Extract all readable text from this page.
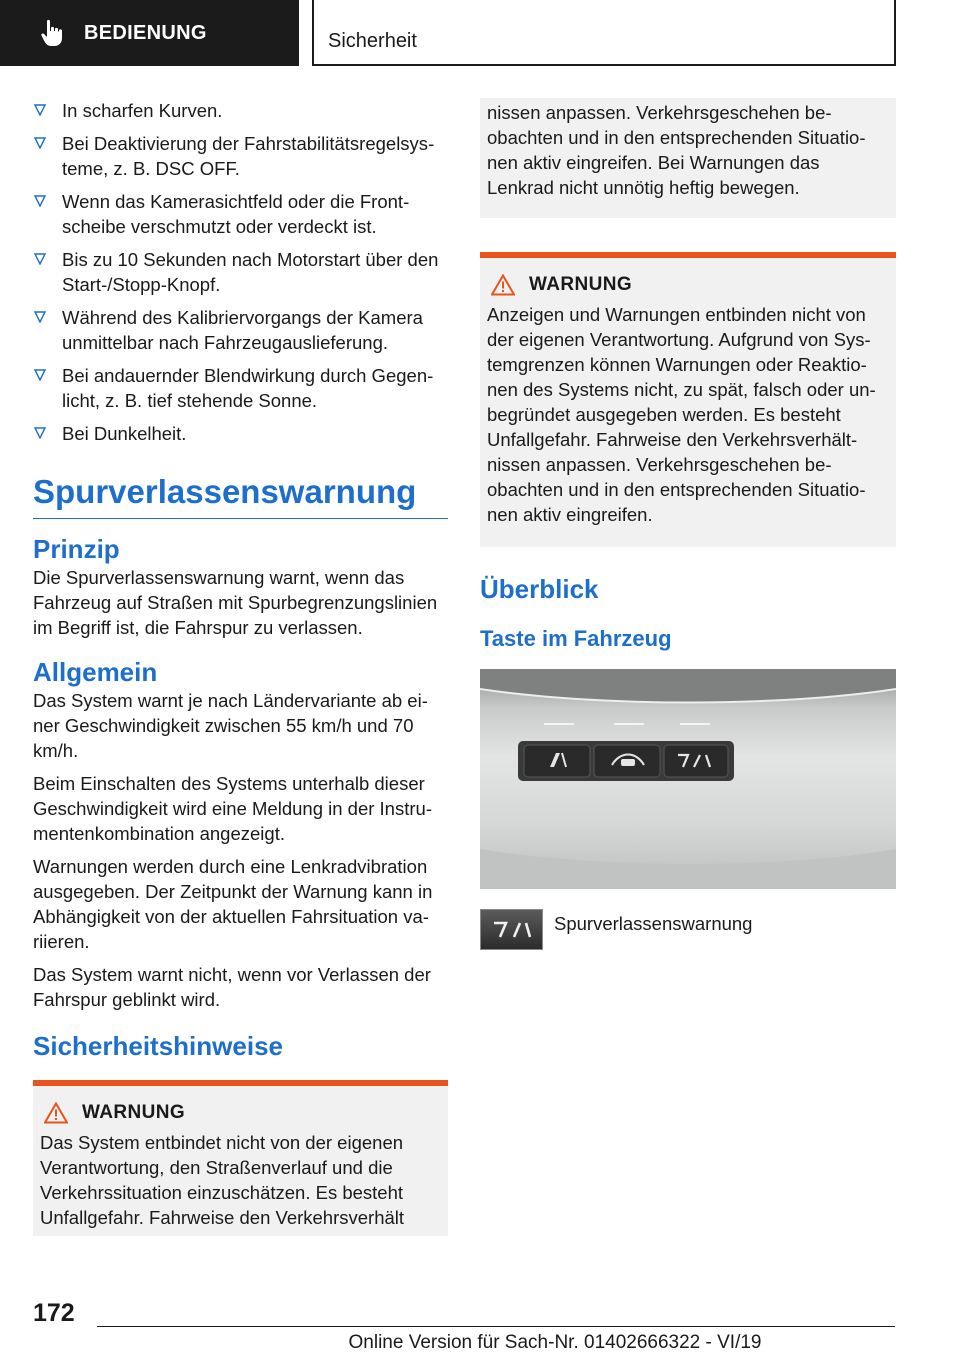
BEDIENUNG	Sicherheit
In scharfen Kurven.
Bei Deaktivierung der Fahrstabilitätsregelsysteme, z. B. DSC OFF.
Wenn das Kamerasichtfeld oder die Frontscheibe verschmutzt oder verdeckt ist.
Bis zu 10 Sekunden nach Motorstart über den Start-/Stopp-Knopf.
Während des Kalibriervorgangs der Kamera unmittelbar nach Fahrzeugauslieferung.
Bei andauernder Blendwirkung durch Gegenlicht, z. B. tief stehende Sonne.
Bei Dunkelheit.
Spurverlassenswarnung
Prinzip

Die Spurverlassenswarnung warnt, wenn das Fahrzeug auf Straßen mit Spurbegrenzungslinien im Begriff ist, die Fahrspur zu verlassen.

Allgemein

Das System warnt je nach Ländervariante ab einer Geschwindigkeit zwischen 55 km/h und 70 km/h.

Beim Einschalten des Systems unterhalb dieser Geschwindigkeit wird eine Meldung in der Instrumentenkombination angezeigt.

Warnungen werden durch eine Lenkradvibration ausgegeben. Der Zeitpunkt der Warnung kann in Abhängigkeit von der aktuellen Fahrsituation variieren.

Das System warnt nicht, wenn vor Verlassen der Fahrspur geblinkt wird.

Sicherheitshinweise
WARNUNG

Das System entbindet nicht von der eigenen Verantwortung, den Straßenverlauf und die Verkehrssituation einzuschätzen. Es besteht Unfallgefahr. Fahrweise den Verkehrsverhält

nissen anpassen. Verkehrsgeschehen beobachten und in den entsprechenden Situationen aktiv eingreifen. Bei Warnungen das Lenkrad nicht unnötig heftig bewegen.

WARNUNG

Anzeigen und Warnungen entbinden nicht von der eigenen Verantwortung. Aufgrund von Systemgrenzen können Warnungen oder Reaktionen des Systems nicht, zu spät, falsch oder unbegründet ausgegeben werden. Es besteht Unfallgefahr. Fahrweise den Verkehrsverhältnissen anpassen. Verkehrsgeschehen beobachten und in den entsprechenden Situationen aktiv eingreifen.

Überblick
Taste im Fahrzeug
Spurverlassenswarnung
172
Online Version für Sach-Nr. 01402666322 - VI/19
